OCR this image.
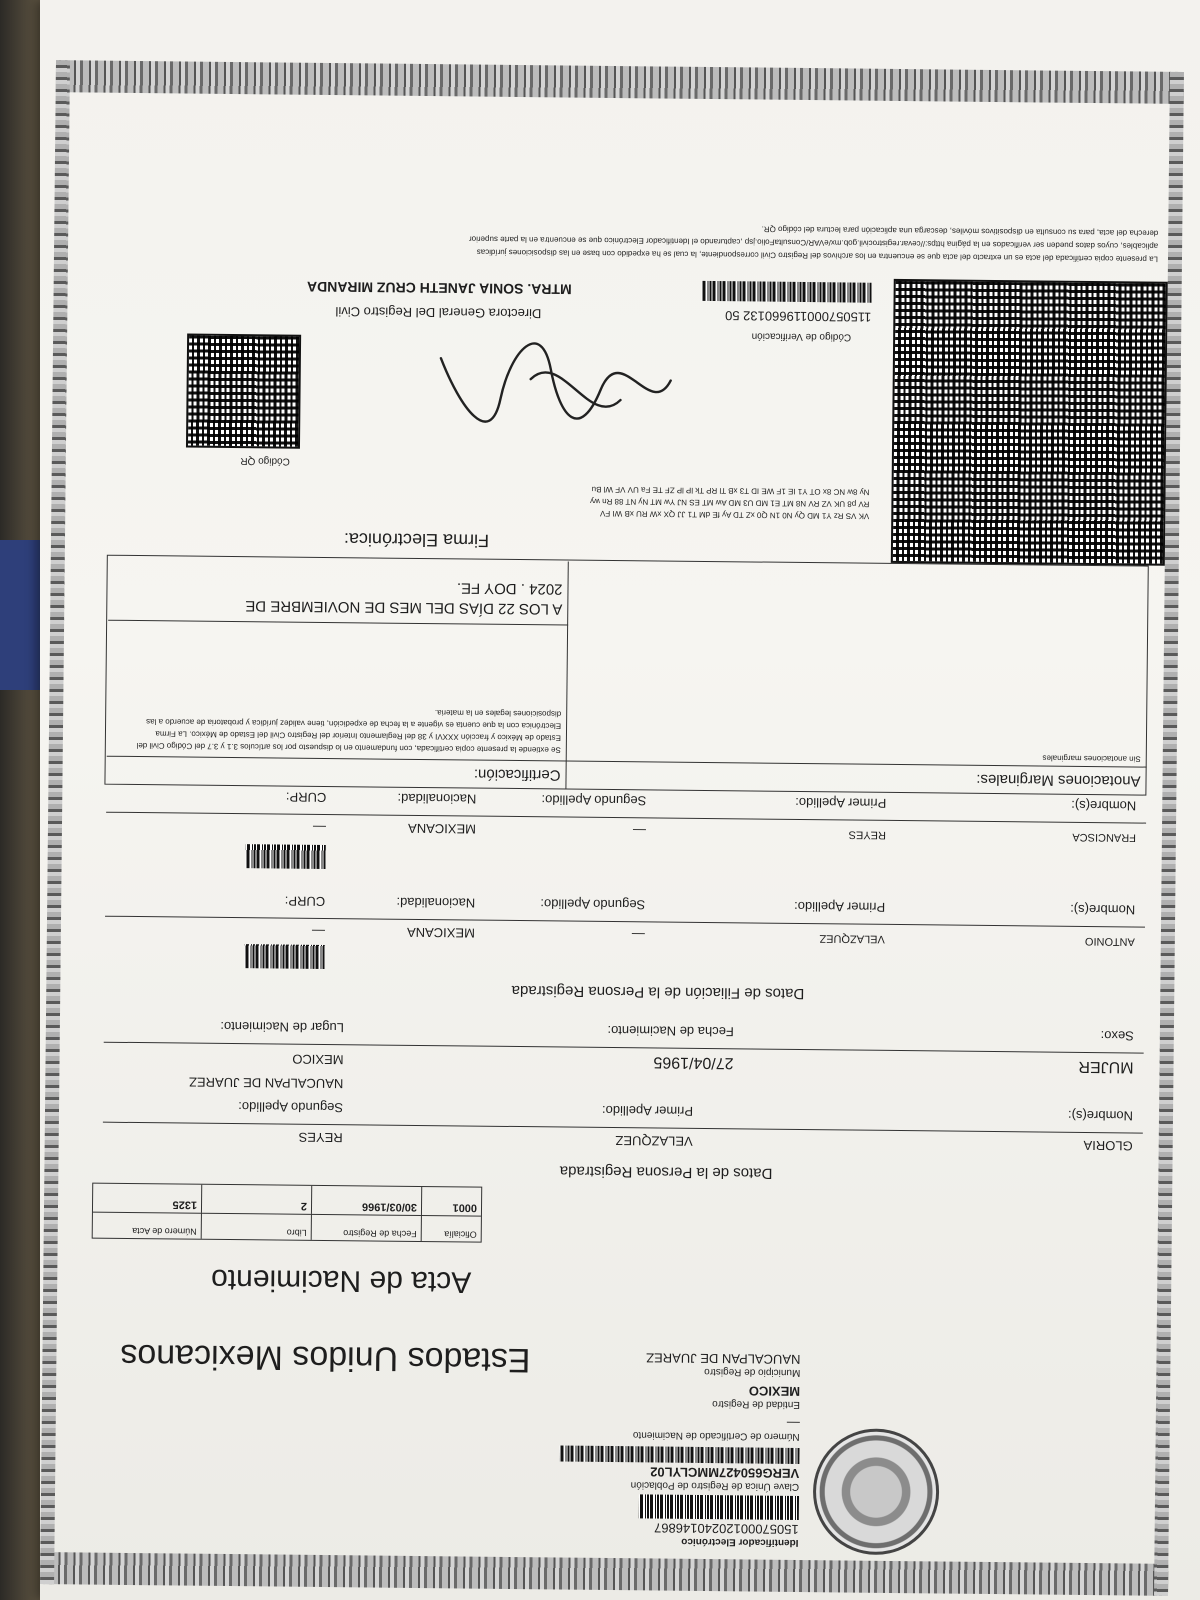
Identificador Electrónico
15057000120240146867
Clave Única de Registro de Población
VERG650427MMCLYL02
Número de Certificado de Nacimiento
—
Entidad de Registro
MEXICO
Municipio de Registro
NAUCALPAN DE JUAREZ
Estados Unidos Mexicanos
Acta de Nacimiento
Oficialía
Fecha de Registro
Libro
Número de Acta
0001
30/03/1966
2
1325
Datos de la Persona Registrada
GLORIA
VELAZQUEZ
REYES
Nombre(s):
Primer Apellido:
Segundo Apellido:
NAUCALPAN DE JUAREZ
MUJER
27/04/1965
MEXICO
Sexo:
Fecha de Nacimiento:
Lugar de Nacimiento:
Datos de Filiación de la Persona Registrada
ANTONIO
VELAZQUEZ
—
MEXICANA
—
Nombre(s):
Primer Apellido:
Segundo Apellido:
Nacionalidad:
CURP:
FRANCISCA
REYES
—
MEXICANA
—
Nombre(s):
Primer Apellido:
Segundo Apellido:
Nacionalidad:
CURP:
Anotaciones Marginales:
Certificación:
Sin anotaciones marginales
Se extiende la presente copia certificada, con fundamento en lo dispuesto por los artículos 3.1 y 3.7 del Código Civil del Estado de México y fracción XXXVI y 38 del Reglamento Interior del Registro Civil del Estado de México. La Firma Electrónica con la que cuenta es vigente a la fecha de expedición, tiene validez jurídica y probatoria de acuerdo a las disposiciones legales en la materia.
A LOS 22 DÍAS DEL MES DE NOVIEMBRE DE
2024 . DOY FE.
Firma Electrónica:
VK VS Rz Y1 MD Qy N0 1N Q0 xZ TD Ay fE dM T1 JJ QX xW RU xB WI FV
RV p8 UK VZ RV N8 MT E1 MD U3 MD Aw MT ES NJ Yw MT Ny NT 88 Rn wy
Ny 8w NC 8x OT Y1 IE 1F WE ID T3 xB Tl RP Tk lP lP ZF TE Fa UV VF Wl Bu
Código QR
Código de Verificación
115057000119660132 50
Directora General Del Registro Civil
MTRA. SONIA JANETH CRUZ MIRANDA
La presente copia certificada del acta es un extracto del acta que se encuentra en los archivos del Registro Civil correspondiente, la cual se ha expedido con base en las disposiciones jurídicas
aplicables, cuyos datos pueden ser verificados en la página https://cevar.registrocivil.gob.mx/eVAR/ConsultaFolio.jsp ,capturando el Identificador Electrónico que se encuentra en la parte superior
derecha del acta, para su consulta en dispositivos móviles, descarga una aplicación para lectura del código QR.
